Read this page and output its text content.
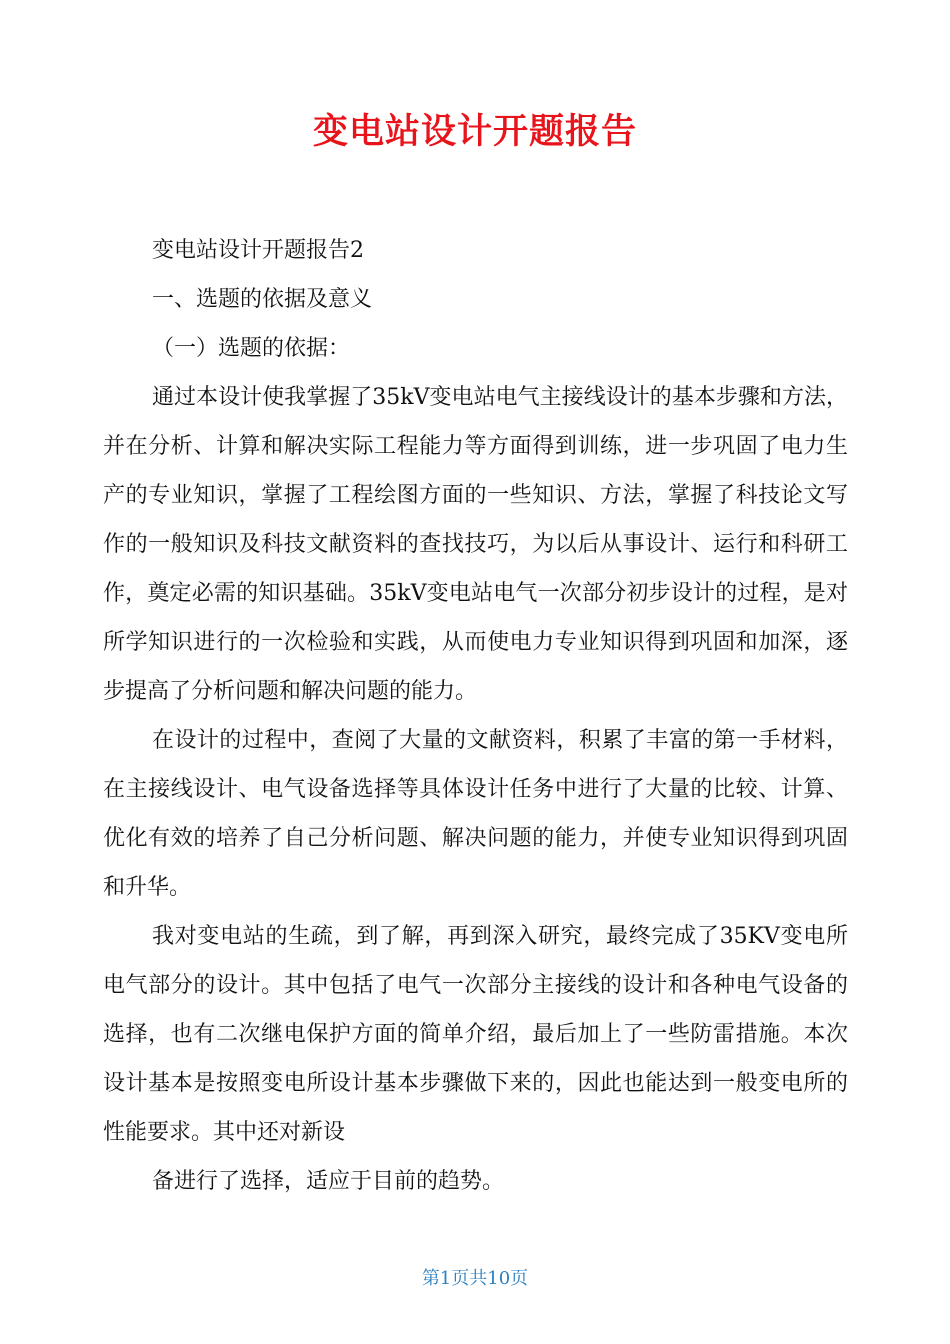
变电站设计开题报告

变电站设计开题报告2

一、选题的依据及意义

（一）选题的依据：

通过本设计使我掌握了35kV变电站电气主接线设计的基本步骤和方法，并在分析、计算和解决实际工程能力等方面得到训练，进一步巩固了电力生产的专业知识，掌握了工程绘图方面的一些知识、方法，掌握了科技论文写作的一般知识及科技文献资料的查找技巧，为以后从事设计、运行和科研工作，奠定必需的知识基础。35kV变电站电气一次部分初步设计的过程，是对所学知识进行的一次检验和实践，从而使电力专业知识得到巩固和加深，逐步提高了分析问题和解决问题的能力。

在设计的过程中，查阅了大量的文献资料，积累了丰富的第一手材料，在主接线设计、电气设备选择等具体设计任务中进行了大量的比较、计算、优化有效的培养了自己分析问题、解决问题的能力，并使专业知识得到巩固和升华。

我对变电站的生疏，到了解，再到深入研究，最终完成了35KV变电所电气部分的设计。其中包括了电气一次部分主接线的设计和各种电气设备的选择，也有二次继电保护方面的简单介绍，最后加上了一些防雷措施。本次设计基本是按照变电所设计基本步骤做下来的，因此也能达到一般变电所的性能要求。其中还对新设

备进行了选择，适应于目前的趋势。

第1页共10页
